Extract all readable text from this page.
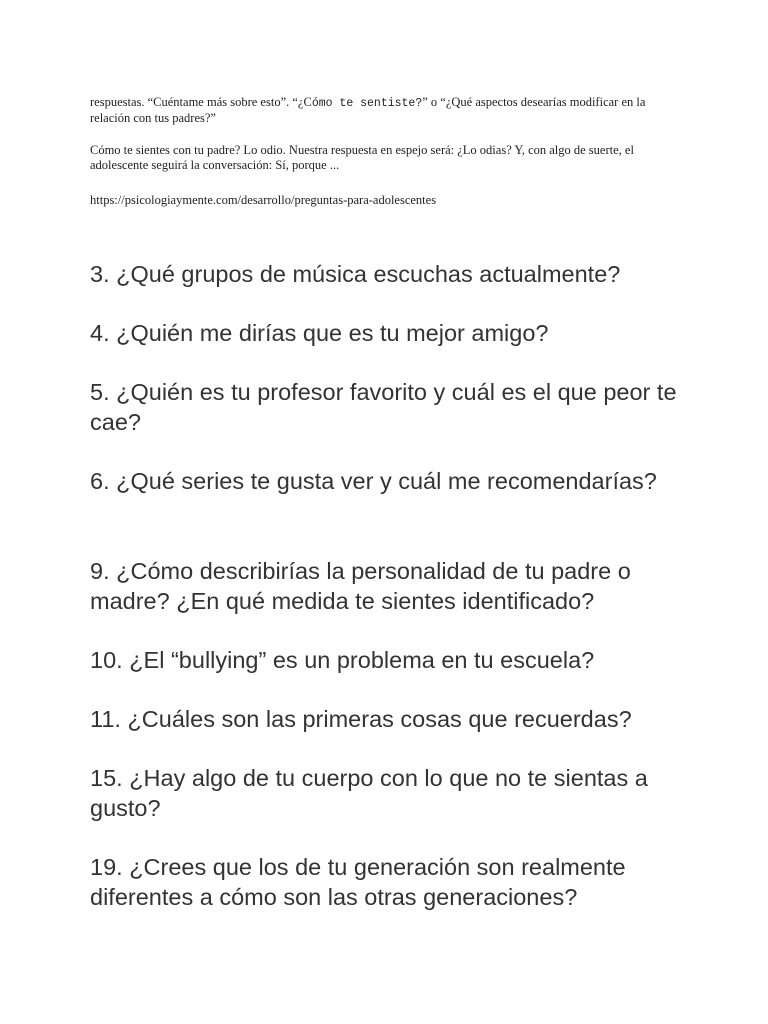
respuestas. “Cuéntame más sobre esto”. “¿Cómo te sentiste?” o “¿Qué aspectos desearías modificar en la relación con tus padres?”

Cómo te sientes con tu padre? Lo odio. Nuestra respuesta en espejo será: ¿Lo odias? Y, con algo de suerte, el adolescente seguirá la conversación: Sí, porque ...

https://psicologiaymente.com/desarrollo/preguntas-para-adolescentes

3. ¿Qué grupos de música escuchas actualmente?

4. ¿Quién me dirías que es tu mejor amigo?

5. ¿Quién es tu profesor favorito y cuál es el que peor te cae?

6. ¿Qué series te gusta ver y cuál me recomendarías?

9. ¿Cómo describirías la personalidad de tu padre o madre? ¿En qué medida te sientes identificado?

10. ¿El “bullying” es un problema en tu escuela?

11. ¿Cuáles son las primeras cosas que recuerdas?

15. ¿Hay algo de tu cuerpo con lo que no te sientas a gusto?

19. ¿Crees que los de tu generación son realmente diferentes a cómo son las otras generaciones?
